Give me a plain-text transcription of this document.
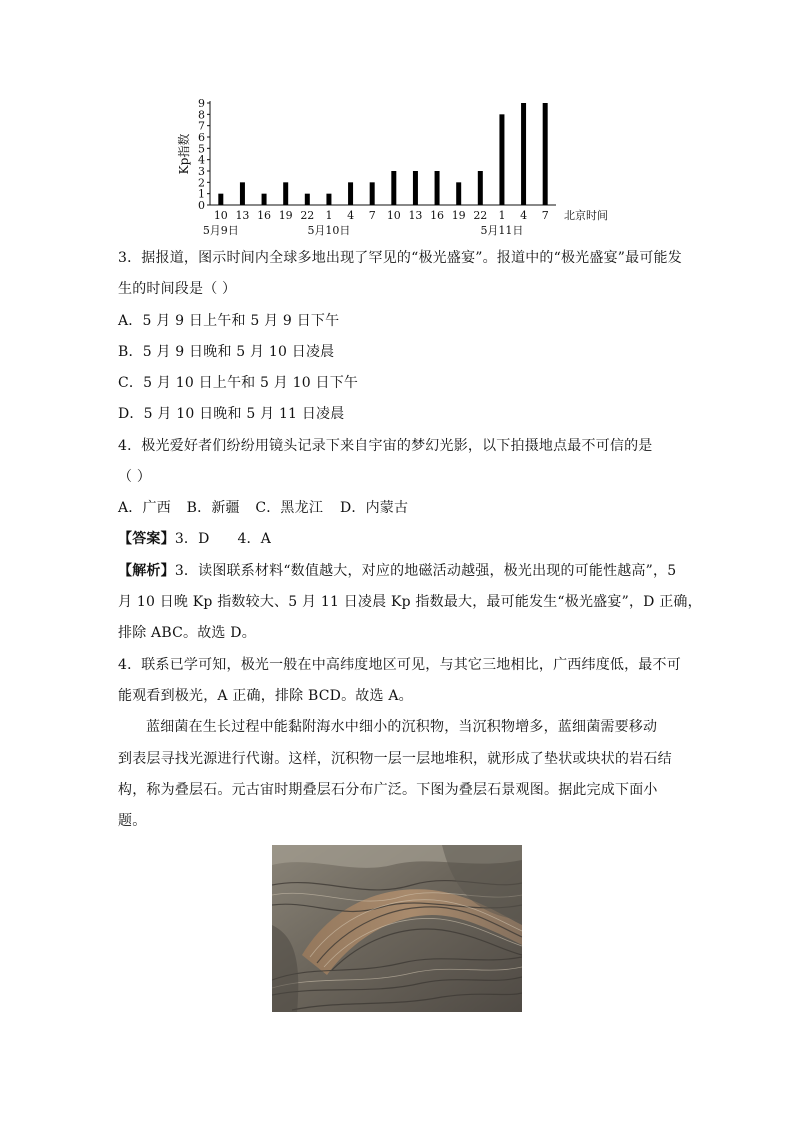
0
1
2
3
4
5
6
7
8
9
Kp指数
10 13 16 19 22 1 4 7 10 13 16 19 22 1 4 7
5月9日	5月10日	5月11日
北京时间
3．据报道，图示时间内全球多地出现了罕见的“极光盛宴”。报道中的“极光盛宴”最可能发
生的时间段是（ ）
A．5 月 9 日上午和 5 月 9 日下午
B．5 月 9 日晚和 5 月 10 日凌晨
C．5 月 10 日上午和 5 月 10 日下午
D．5 月 10 日晚和 5 月 11 日凌晨
4．极光爱好者们纷纷用镜头记录下来自宇宙的梦幻光影，以下拍摄地点最不可信的是
（ ）
A．广西 B．新疆 C．黑龙江 D．内蒙古
【答案】3．D      4．A
【解析】3．读图联系材料“数值越大，对应的地磁活动越强，极光出现的可能性越高”，5
月 10 日晚 Kp 指数较大、5 月 11 日凌晨 Kp 指数最大，最可能发生“极光盛宴”，D 正确，
排除 ABC。故选 D。
4．联系已学可知，极光一般在中高纬度地区可见，与其它三地相比，广西纬度低，最不可
能观看到极光，A 正确，排除 BCD。故选 A。
蓝细菌在生长过程中能黏附海水中细小的沉积物，当沉积物增多，蓝细菌需要移动
到表层寻找光源进行代谢。这样，沉积物一层一层地堆积，就形成了垫状或块状的岩石结
构，称为叠层石。元古宙时期叠层石分布广泛。下图为叠层石景观图。据此完成下面小
题。
